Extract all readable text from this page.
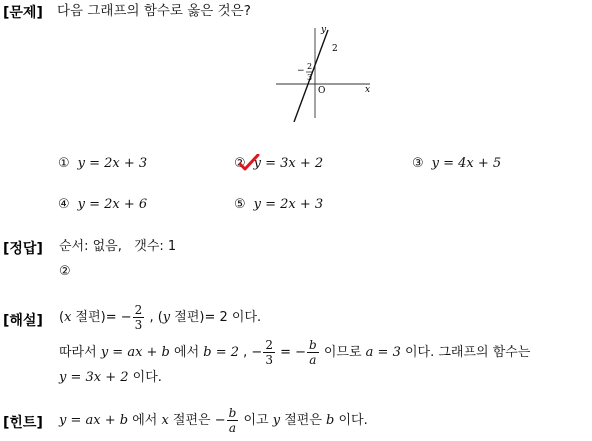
[문제] 다음 그래프의 함수로 옳은 것은?
y
x
O
2
− 2
3
① y = 2x + 3	② y = 3x + 2	③ y = 4x + 5
④ y = 2x + 6	⑤ y = 2x + 3
[정답] 순서: 없음,   갯수: 1
②
[해설] (x 절편)= − $\frac{2}{3}$ , (y 절편)= 2 이다.
따라서 y = ax + b 에서 b = 2 , − $\frac{2}{3}$ = − $\frac{b}{a}$ 이므로 a = 3 이다. 그래프의 함수는
y = 3x + 2 이다.
[힌트] y = ax + b 에서 x 절편은 − $\frac{b}{a}$ 이고 y 절편은 b 이다.
